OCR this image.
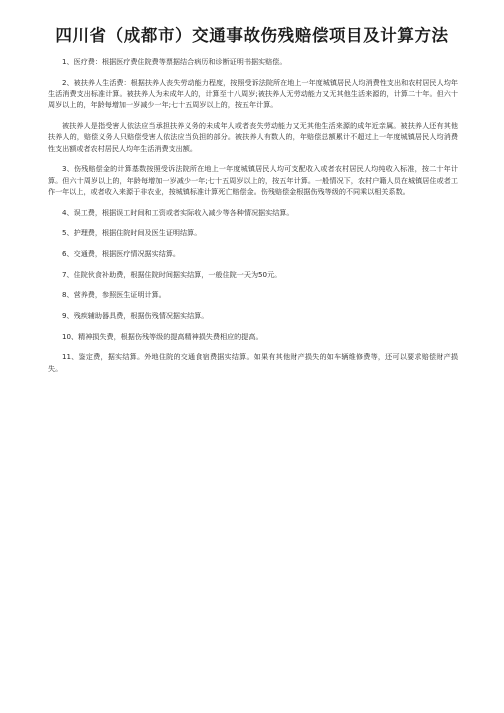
四川省（成都市）交通事故伤残赔偿项目及计算方法

1、医疗费：根据医疗费住院费等票据结合病历和诊断证明书据实赔偿。

2、被扶养人生活费：根据扶养人丧失劳动能力程度，按照受诉法院所在地上一年度城镇居民人均消费性支出和农村居民人均年生活消费支出标准计算。被扶养人为未成年人的，计算至十八周岁;被扶养人无劳动能力又无其他生活来源的，计算二十年。但六十周岁以上的，年龄每增加一岁减少一年;七十五周岁以上的，按五年计算。

被扶养人是指受害人依法应当承担扶养义务的未成年人或者丧失劳动能力又无其他生活来源的成年近亲属。被扶养人还有其他扶养人的，赔偿义务人只赔偿受害人依法应当负担的部分。被扶养人有数人的，年赔偿总额累计不超过上一年度城镇居民人均消费性支出额或者农村居民人均年生活消费支出额。

3、伤残赔偿金的计算基数按照受诉法院所在地上一年度城镇居民人均可支配收入或者农村居民人均纯收入标准，按二十年计算。但六十周岁以上的，年龄每增加一岁减少一年;七十五周岁以上的，按五年计算。一般情况下，农村户籍人员在城镇居住或者工作一年以上，或者收入来源于非农业，按城镇标准计算死亡赔偿金。伤残赔偿金根据伤残等级的不同乘以相关系数。

4、误工费，根据误工时间和工资或者实际收入减少等各种情况据实结算。

5、护理费，根据住院时间及医生证明结算。

6、交通费，根据医疗情况据实结算。

7、住院伙食补助费，根据住院时间据实结算，一般住院一天为50元。

8、营养费，参照医生证明计算。

9、残疾辅助器具费，根据伤残情况据实结算。

10、精神损失费，根据伤残等级的提高精神损失费相应的提高。

11、鉴定费，据实结算。外地住院的交通食宿费据实结算。如果有其他财产损失的如车辆维修费等，还可以要求赔偿财产损失。
